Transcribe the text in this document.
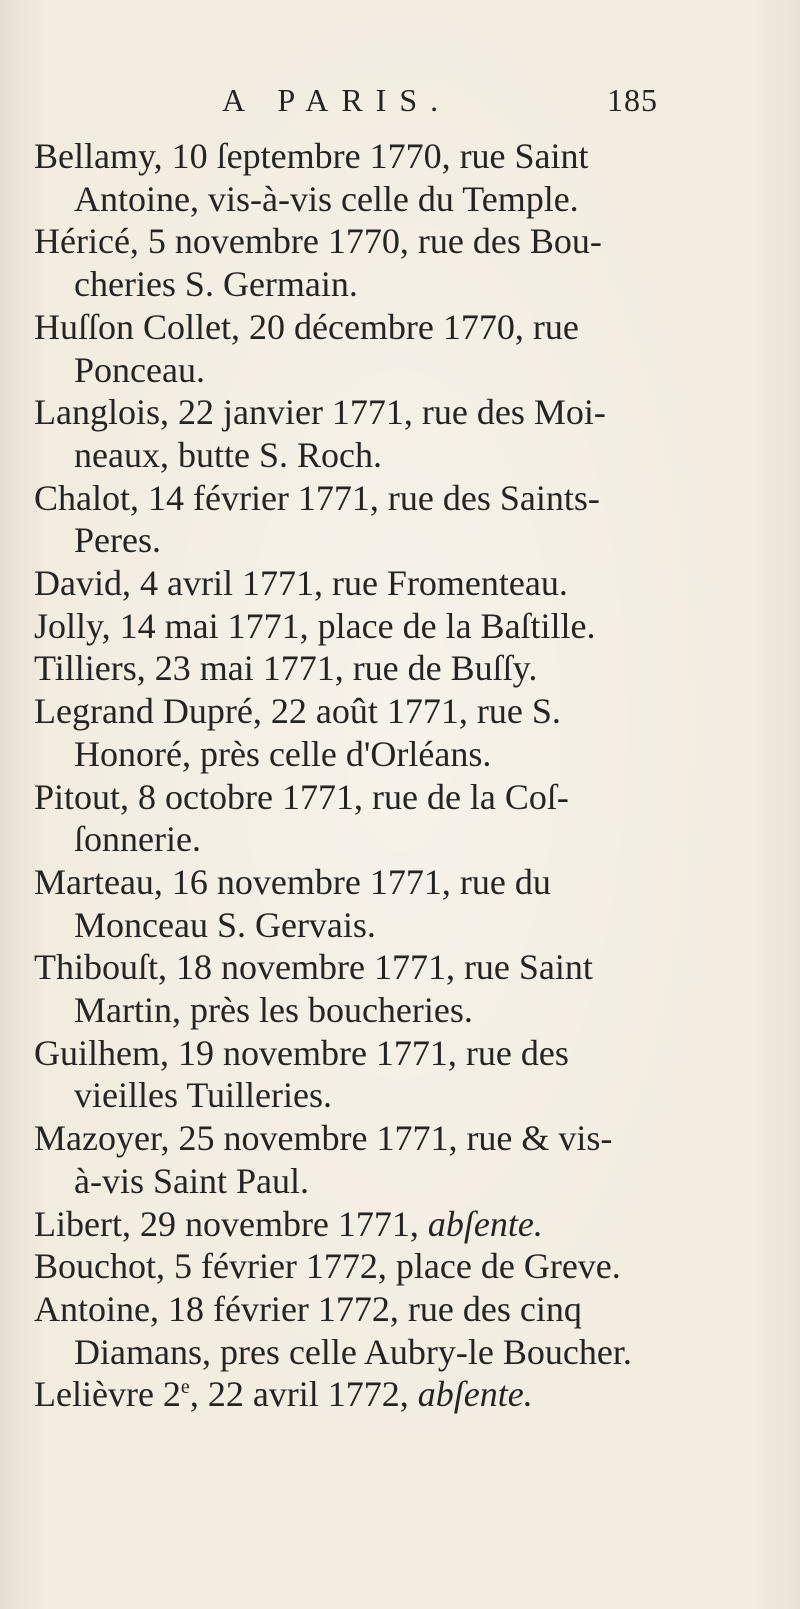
A PARIS.	185
Bellamy, 10 ſeptembre 1770, rue Saint
Antoine, vis-à-vis celle du Temple.
Héricé, 5 novembre 1770, rue des Bou-
cheries S. Germain.
Huſſon Collet, 20 décembre 1770, rue
Ponceau.
Langlois, 22 janvier 1771, rue des Moi-
neaux, butte S. Roch.
Chalot, 14 février 1771, rue des Saints-
Peres.
David, 4 avril 1771, rue Fromenteau.
Jolly, 14 mai 1771, place de la Baſtille.
Tilliers, 23 mai 1771, rue de Buſſy.
Legrand Dupré, 22 août 1771, rue S.
Honoré, près celle d'Orléans.
Pitout, 8 octobre 1771, rue de la Coſ-
ſonnerie.
Marteau, 16 novembre 1771, rue du
Monceau S. Gervais.
Thibouſt, 18 novembre 1771, rue Saint
Martin, près les boucheries.
Guilhem, 19 novembre 1771, rue des
vieilles Tuilleries.
Mazoyer, 25 novembre 1771, rue & vis-
à-vis Saint Paul.
Libert, 29 novembre 1771, abſente.
Bouchot, 5 février 1772, place de Greve.
Antoine, 18 février 1772, rue des cinq
Diamans, pres celle Aubry-le Boucher.
Lelièvre 2e, 22 avril 1772, abſente.
